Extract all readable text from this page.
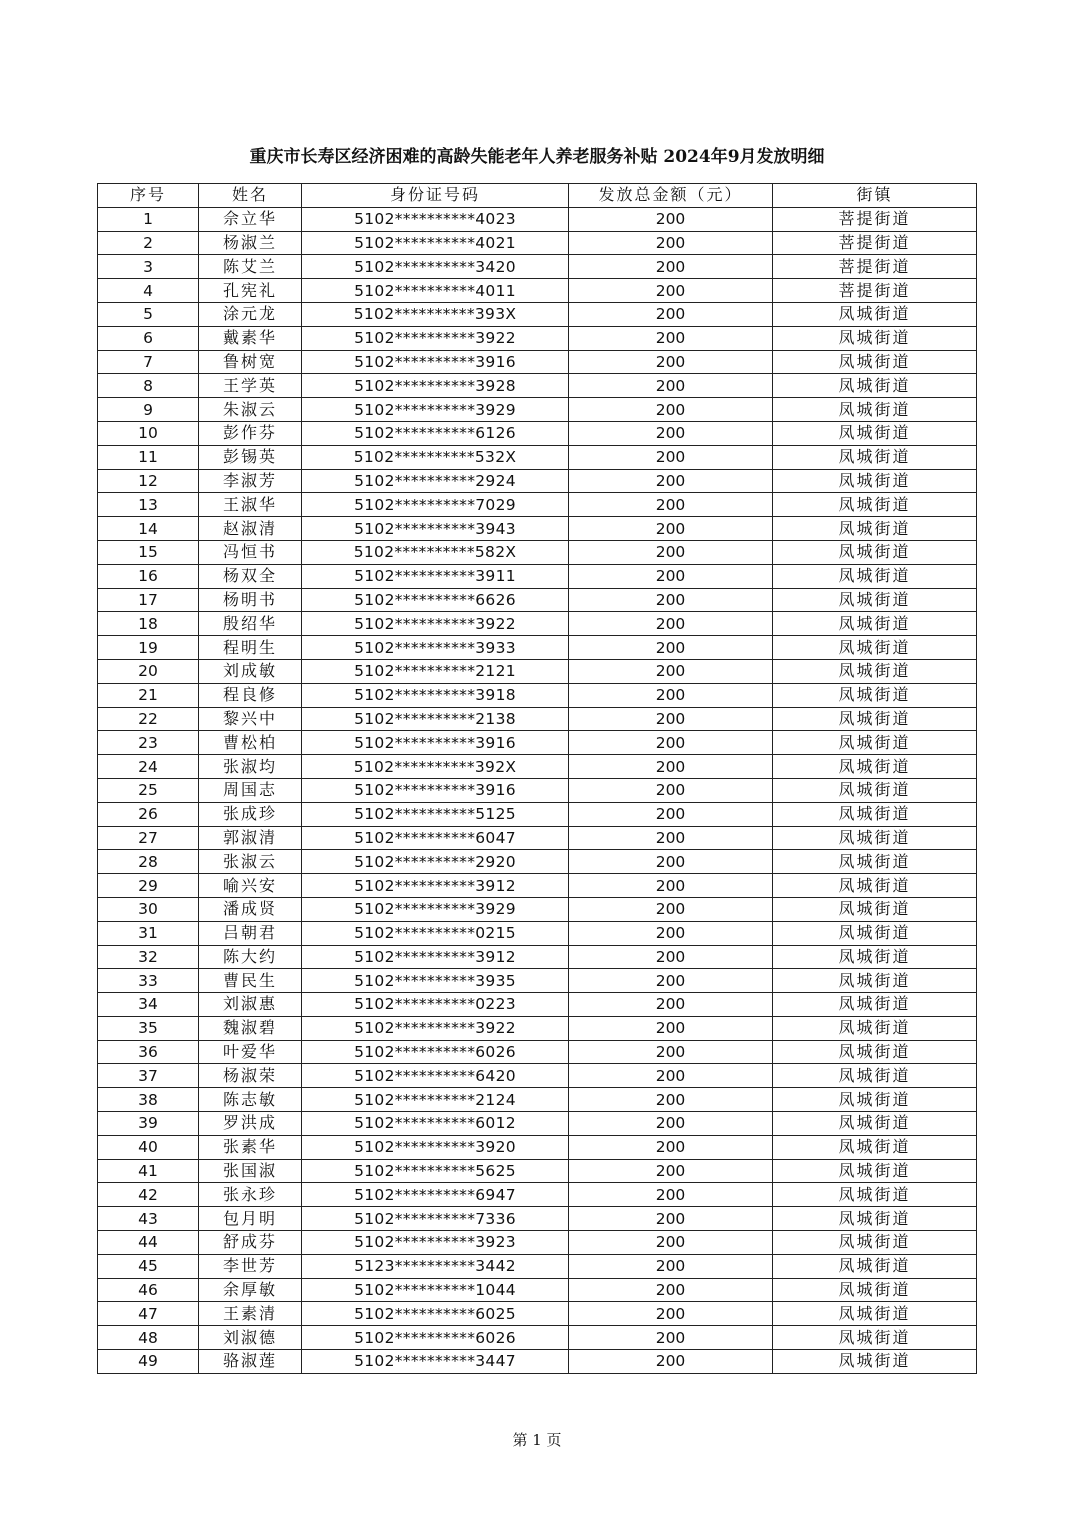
重庆市长寿区经济困难的高龄失能老年人养老服务补贴 2024年9月发放明细
序号	姓名	身份证号码	发放总金额（元）	街镇
1	佘立华	5102**********4023	200	菩提街道
2	杨淑兰	5102**********4021	200	菩提街道
3	陈艾兰	5102**********3420	200	菩提街道
4	孔宪礼	5102**********4011	200	菩提街道
5	涂元龙	5102**********393X	200	凤城街道
6	戴素华	5102**********3922	200	凤城街道
7	鲁树宽	5102**********3916	200	凤城街道
8	王学英	5102**********3928	200	凤城街道
9	朱淑云	5102**********3929	200	凤城街道
10	彭作芬	5102**********6126	200	凤城街道
11	彭锡英	5102**********532X	200	凤城街道
12	李淑芳	5102**********2924	200	凤城街道
13	王淑华	5102**********7029	200	凤城街道
14	赵淑清	5102**********3943	200	凤城街道
15	冯恒书	5102**********582X	200	凤城街道
16	杨双全	5102**********3911	200	凤城街道
17	杨明书	5102**********6626	200	凤城街道
18	殷绍华	5102**********3922	200	凤城街道
19	程明生	5102**********3933	200	凤城街道
20	刘成敏	5102**********2121	200	凤城街道
21	程良修	5102**********3918	200	凤城街道
22	黎兴中	5102**********2138	200	凤城街道
23	曹松柏	5102**********3916	200	凤城街道
24	张淑均	5102**********392X	200	凤城街道
25	周国志	5102**********3916	200	凤城街道
26	张成珍	5102**********5125	200	凤城街道
27	郭淑清	5102**********6047	200	凤城街道
28	张淑云	5102**********2920	200	凤城街道
29	喻兴安	5102**********3912	200	凤城街道
30	潘成贤	5102**********3929	200	凤城街道
31	吕朝君	5102**********0215	200	凤城街道
32	陈大约	5102**********3912	200	凤城街道
33	曹民生	5102**********3935	200	凤城街道
34	刘淑惠	5102**********0223	200	凤城街道
35	魏淑碧	5102**********3922	200	凤城街道
36	叶爱华	5102**********6026	200	凤城街道
37	杨淑荣	5102**********6420	200	凤城街道
38	陈志敏	5102**********2124	200	凤城街道
39	罗洪成	5102**********6012	200	凤城街道
40	张素华	5102**********3920	200	凤城街道
41	张国淑	5102**********5625	200	凤城街道
42	张永珍	5102**********6947	200	凤城街道
43	包月明	5102**********7336	200	凤城街道
44	舒成芬	5102**********3923	200	凤城街道
45	李世芳	5123**********3442	200	凤城街道
46	余厚敏	5102**********1044	200	凤城街道
47	王素清	5102**********6025	200	凤城街道
48	刘淑德	5102**********6026	200	凤城街道
49	骆淑莲	5102**********3447	200	凤城街道
第 1 页
